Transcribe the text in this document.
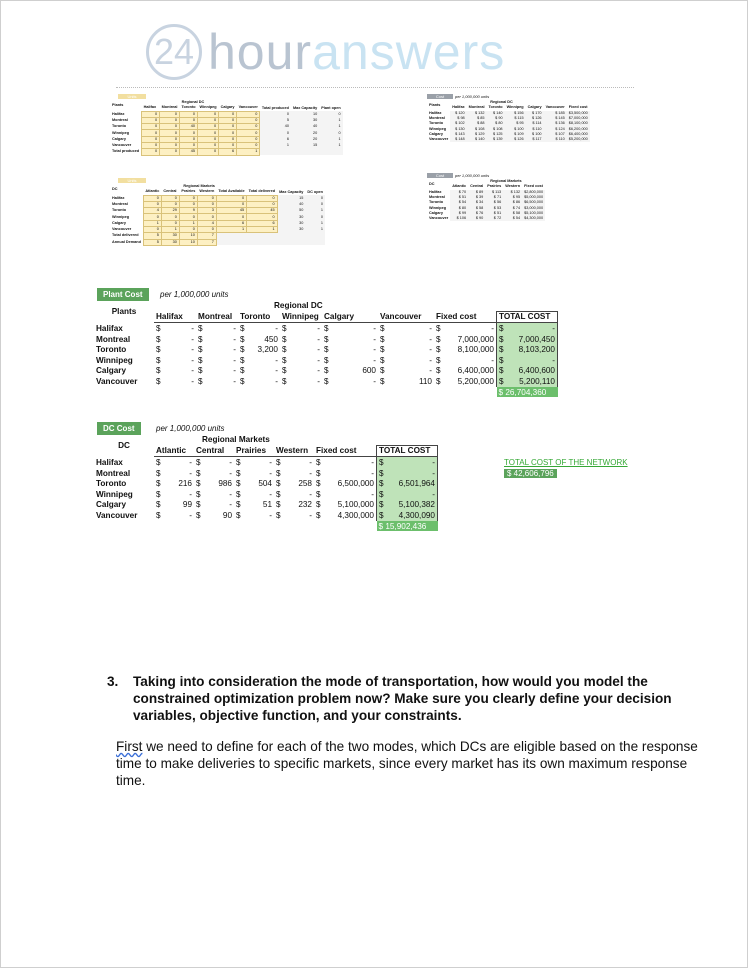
24 hour answers
Units
Plants	Regional DC								
	Halifax	Montreal	Toronto	Winnipeg	Calgary	Vancouver	Total produced	Max Capacity	Plant open
Halifax	0	0	0	0	0	0	0	10	0
Montreal	0	0	0	0	0	0	5	30	1
Toronto	0	0	40	0	0	0	40	40	1
Winnipeg	0	0	0	0	0	0	0	20	0
Calgary	0	0	0	0	0	0	6	20	1
Vancouver	0	0	0	0	0	0	1	15	1
Total produced	0	0	45	0	6	1			
Cost	per 1,000,000 units
Plants	Regional DC						
	Halifax	Montreal	Toronto	Winnipeg	Calgary	Vancouver	Fixed cost
Halifax	$ 120	$ 132	$ 140	$ 156	$ 170	$ 185	$3,500,000
Montreal	$ 98	$ 85	$ 90	$ 115	$ 126	$ 145	$7,000,000
Toronto	$ 102	$ 88	$ 80	$ 95	$ 114	$ 136	$8,100,000
Winnipeg	$ 130	$ 108	$ 108	$ 100	$ 110	$ 124	$6,200,000
Calgary	$ 143	$ 129	$ 125	$ 109	$ 100	$ 107	$6,400,000
Vancouver	$ 148	$ 140	$ 139	$ 126	$ 117	$ 110	$5,200,000
Units
DC	Regional Markets							
	Atlantic	Central	Prairies	Western	Total Available	Total delivered	Max Capacity	DC open
Halifax	0	0	0	0	0	0	15	0
Montreal	0	0	0	0	0	0	40	0
Toronto	4	29	9	3	45	45	50	1
Winnipeg	0	0	0	0	0	0	30	0
Calgary	1	0	1	4	6	6	30	1
Vancouver	0	1	0	0	1	1	30	1
Total delivered	5	30	10	7				
Annual Demand	5	30	10	7				
Cost	per 1,000,000 units
DC	Regional Markets				
	Atlantic	Central	Prairies	Western	Fixed cost
Halifax	$ 70	$ 89	$ 113	$ 132	$2,800,000
Montreal	$ 51	$ 39	$ 71	$ 95	$5,000,000
Toronto	$ 54	$ 34	$ 56	$ 86	$6,500,000
Winnipeg	$ 80	$ 58	$ 53	$ 74	$3,000,000
Calgary	$ 99	$ 76	$ 51	$ 58	$5,100,000
Vancouver	$ 106	$ 90	$ 72	$ 54	$4,300,000
Plant Cost	per 1,000,000 units
Plants	Regional DC															
	Halifax		Montreal		Toronto		Winnipeg		Calgary		Vancouver		Fixed cost		TOTAL COST	
Halifax	$	-	$	-	$	-	$	-	$	-	$	-	$	-	$	-
Montreal	$	-	$	-	$	450	$	-	$	-	$	-	$	7,000,000	$	7,000,450
Toronto	$	-	$	-	$	3,200	$	-	$	-	$	-	$	8,100,000	$	8,103,200
Winnipeg	$	-	$	-	$	-	$	-	$	-	$	-	$	-	$	-
Calgary	$	-	$	-	$	-	$	-	$	600	$	-	$	6,400,000	$	6,400,600
Vancouver	$	-	$	-	$	-	$	-	$	-	$	110	$	5,200,000	$	5,200,110
															$ 26,704,360	
DC Cost	per 1,000,000 units
DC	Regional Markets											
	Atlantic		Central		Prairies		Western		Fixed cost		TOTAL COST	
Halifax	$	-	$	-	$	-	$	-	$	-	$	-
Montreal	$	-	$	-	$	-	$	-	$	-	$	-
Toronto	$	216	$	986	$	504	$	258	$	6,500,000	$	6,501,964
Winnipeg	$	-	$	-	$	-	$	-	$	-	$	-
Calgary	$	99	$	-	$	51	$	232	$	5,100,000	$	5,100,382
Vancouver	$	-	$	90	$	-	$	-	$	4,300,000	$	4,300,090
											$ 15,902,436	
TOTAL COST OF THE NETWORK
$ 42,606,796
3. Taking into consideration the mode of transportation, how would you model the constrained optimization problem now? Make sure you clearly define your decision variables, objective function, and your constraints.
First we need to define for each of the two modes, which DCs are eligible based on the response time to make deliveries to specific markets, since every market has its own maximum response time.
